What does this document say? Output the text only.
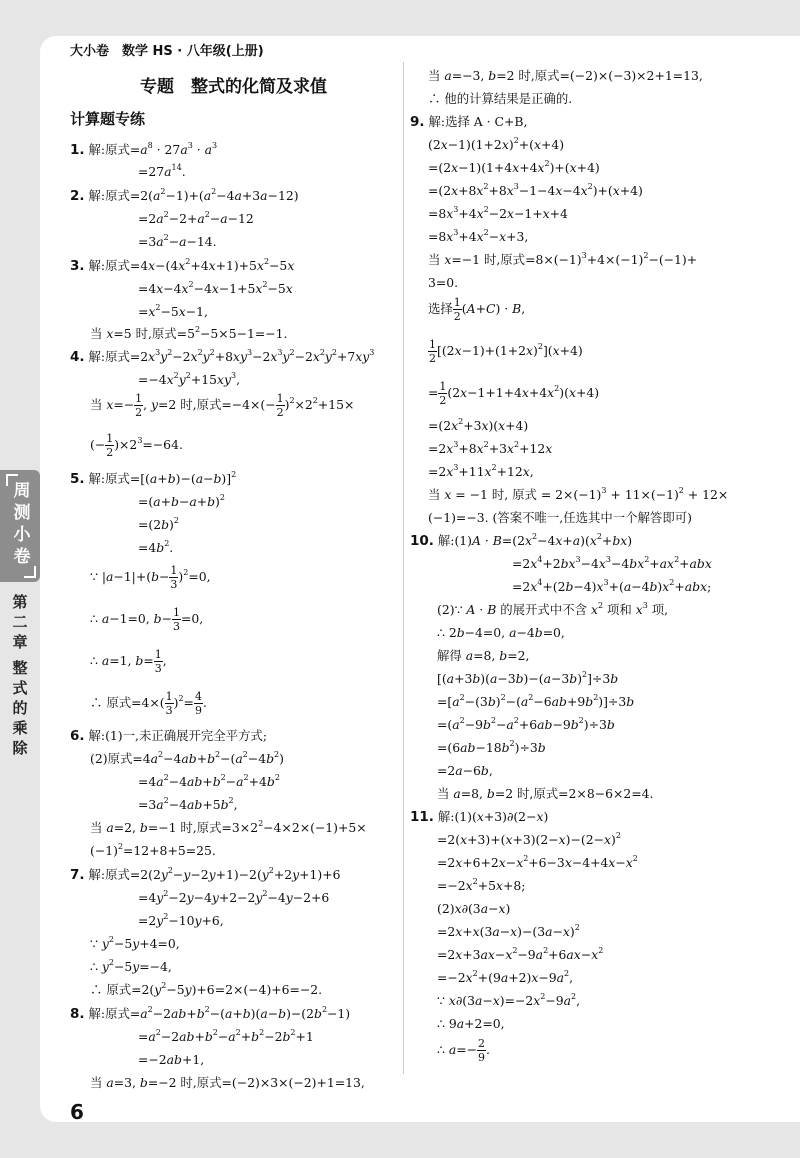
大小卷　数学 HS · 八年级(上册)
专题　整式的化简及求值
计算题专练
1. 解:原式$=a^8 \cdot 27a^3 \cdot a^3$
$=27a^{14}$.
2. 解:原式$=2(a^2-1)+(a^2-4a+3a-12)$
$=2a^2-2+a^2-a-12$
$=3a^2-a-14$.
3. 解:原式$=4x-(4x^2+4x+1)+5x^2-5x$
$=4x-4x^2-4x-1+5x^2-5x$
$=x^2-5x-1$,
当 x=5 时,原式$=5^2-5\times 5-1=-1$.
4. 解:原式$=2x^3y^2-2x^2y^2+8xy^3-2x^3y^2-2x^2y^2+7xy^3$
$=-4x^2y^2+15xy^3$,
当 $x=- \frac{1}{2}$ , y=2 时,原式$=-4\times(- \frac{1}{2} )^2\times 2^2+15\times$
(− $\frac{1}{2} )\times 2^3=-64$.
5. 解:原式$=[(a+b)-(a-b)]^2$
$=(a+b-a+b)^2$
$=(2b)^2$
$=4b^2$.
∵ $|a-1|+(b- \frac{1}{3} )^2=0$,
∴ a−1=0, $b- \frac{1}{3} =0$,
∴ a=1, $b= \frac{1}{3}$ ,
∴ 原式$=4\times( \frac{1}{3} )^2= \frac{4}{9}$ .
6. 解:(1)一,未正确展开完全平方式;
(2)原式$=4a^2-4ab+b^2-(a^2-4b^2)$
$=4a^2-4ab+b^2-a^2+4b^2$
$=3a^2-4ab+5b^2$,
当 a=2, b=−1 时,原式$=3\times 2^2-4\times 2\times(-1)+5\times$
$(-1)^2=12+8+5=25$.
7. 解:原式$=2(2y^2-y-2y+1)-2(y^2+2y+1)+6$
$=4y^2-2y-4y+2-2y^2-4y-2+6$
$=2y^2-10y+6$,
∵ $y^2-5y+4=0$,
∴ $y^2-5y=-4$,
∴ 原式$=2(y^2-5y)+6=2\times(-4)+6=-2$.
8. 解:原式$=a^2-2ab+b^2-(a+b)(a-b)-(2b^2-1)$
$=a^2-2ab+b^2-a^2+b^2-2b^2+1$
=−2ab+1,
当 a=3, b=−2 时,原式=(−2)×3×(−2)+1=13,
当 a=−3, b=2 时,原式=(−2)×(−3)×2+1=13,
∴ 他的计算结果是正确的.
9. 解:选择 A · C+B,
$(2x-1)(1+2x)^2+(x+4)$
$=(2x-1)(1+4x+4x^2)+(x+4)$
$=(2x+8x^2+8x^3-1-4x-4x^2)+(x+4)$
$=8x^3+4x^2-2x-1+x+4$
$=8x^3+4x^2-x+3$,
当 x=−1 时,原式$=8\times(-1)^3+4\times(-1)^2-(-1)+$
3=0.
选择 $\frac{1}{2} (A+C) \cdot B$,
$\frac{1}{2} [(2x-1)+(1+2x)^2](x+4)$
= $\frac{1}{2} (2x-1+1+4x+4x^2)(x+4)$
$=(2x^2+3x)(x+4)$
$=2x^3+8x^2+3x^2+12x$
$=2x^3+11x^2+12x$,
当 x = −1 时, 原式 = $2\times(-1)^3 + 11\times(-1)^2 + 12\times$
(−1)=−3. (答案不唯一,任选其中一个解答即可)
10. 解:(1)A · $B=(2x^2-4x+a)(x^2+bx)$
$=2x^4+2bx^3-4x^3-4bx^2+ax^2+abx$
$=2x^4+(2b-4)x^3+(a-4b)x^2+abx$;
(2)∵ A · B 的展开式中不含 $x^2$ 项和 $x^3$ 项,
∴ 2b−4=0, a−4b=0,
解得 a=8, b=2,
$[(a+3b)(a-3b)-(a-3b)^2]\div 3b$
$=[a^2-(3b)^2-(a^2-6ab+9b^2)]\div 3b$
$=(a^2-9b^2-a^2+6ab-9b^2)\div 3b$
$=(6ab-18b^2)\div 3b$
=2a−6b,
当 a=8, b=2 时,原式=2×8−6×2=4.
11. 解:(1)(x+3)∂(2−x)
$=2(x+3)+(x+3)(2-x)-(2-x)^2$
$=2x+6+2x-x^2+6-3x-4+4x-x^2$
$=-2x^2+5x+8$;
(2)x∂(3a−x)
$=2x+x(3a-x)-(3a-x)^2$
$=2x+3ax-x^2-9a^2+6ax-x^2$
$=-2x^2+(9a+2)x-9a^2$,
∵ $x\partial(3a-x)=-2x^2-9a^2$,
∴ 9a+2=0,
∴ $a=- \frac{2}{9}$ .
周测小卷
第二章
整式的乘除
6
